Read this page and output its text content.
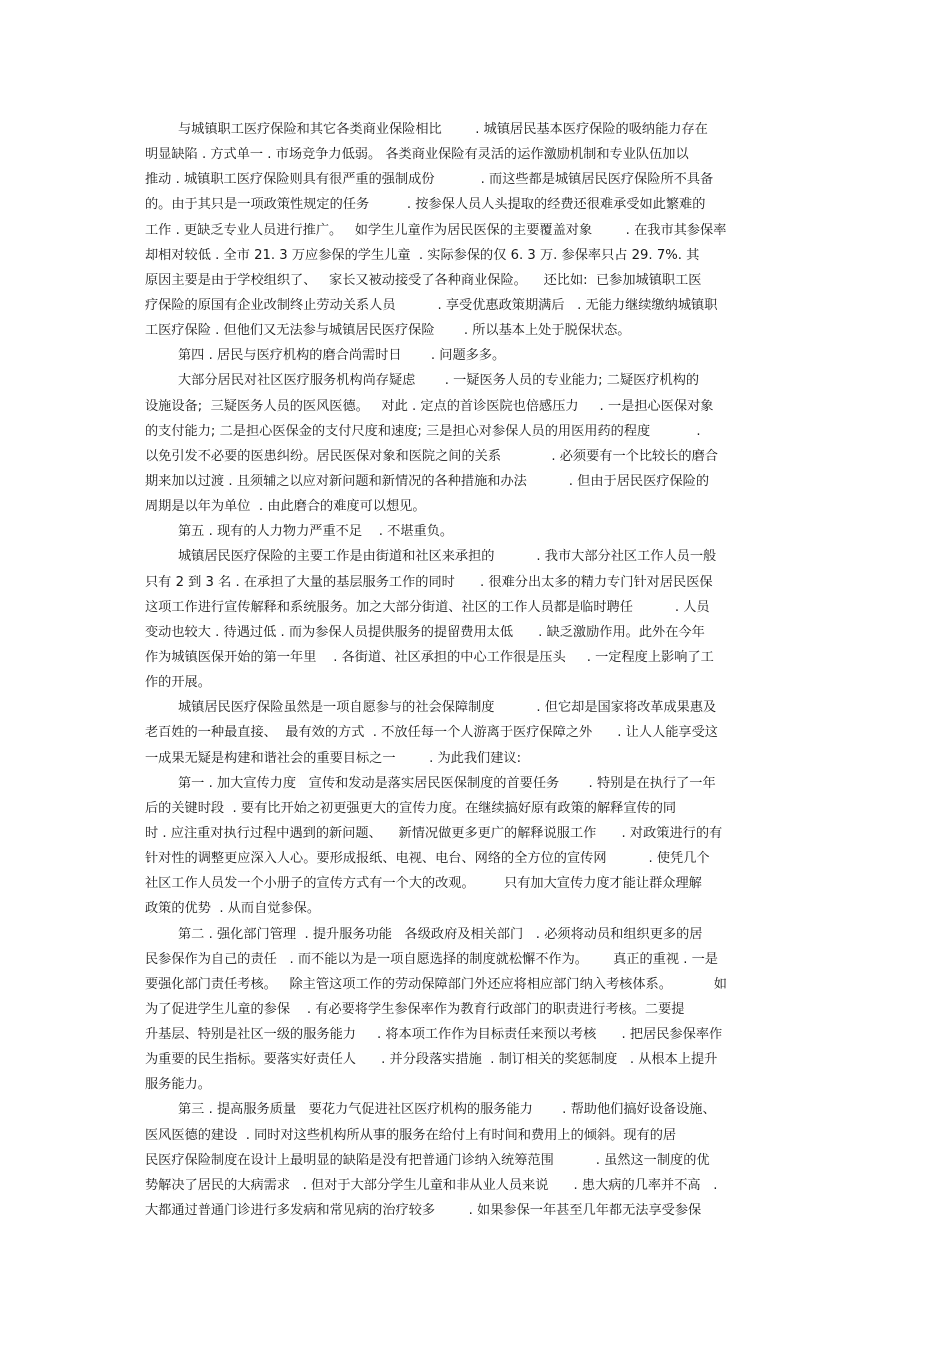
与城镇职工医疗保险和其它各类商业保险相比        . 城镇居民基本医疗保险的吸纳能力存在
明显缺陷 . 方式单一 . 市场竞争力低弱。 各类商业保险有灵活的运作激励机制和专业队伍加以
推动 . 城镇职工医疗保险则具有很严重的强制成份           . 而这些都是城镇居民医疗保险所不具备
的。由于其只是一项政策性规定的任务         . 按参保人员人头提取的经费还很难承受如此繁难的
工作 . 更缺乏专业人员进行推广。   如学生儿童作为居民医保的主要覆盖对象        . 在我市其参保率
却相对较低 . 全市 21. 3 万应参保的学生儿童  . 实际参保的仅 6. 3 万. 参保率只占 29. 7%. 其
原因主要是由于学校组织了、   家长又被动接受了各种商业保险。    还比如:  已参加城镇职工医
疗保险的原国有企业改制终止劳动关系人员          . 享受优惠政策期满后   . 无能力继续缴纳城镇职
工医疗保险 . 但他们又无法参与城镇居民医疗保险       . 所以基本上处于脱保状态。
第四 . 居民与医疗机构的磨合尚需时日       . 问题多多。
大部分居民对社区医疗服务机构尚存疑虑       . 一疑医务人员的专业能力; 二疑医疗机构的
设施设备;  三疑医务人员的医风医德。   对此 . 定点的首诊医院也倍感压力     . 一是担心医保对象
的支付能力; 二是担心医保金的支付尺度和速度; 三是担心对参保人员的用医用药的程度           .
以免引发不必要的医患纠纷。居民医保对象和医院之间的关系            . 必须要有一个比较长的磨合
期来加以过渡 . 且须辅之以应对新问题和新情况的各种措施和办法          . 但由于居民医疗保险的
周期是以年为单位  . 由此磨合的难度可以想见。
第五 . 现有的人力物力严重不足    . 不堪重负。
城镇居民医疗保险的主要工作是由街道和社区来承担的          . 我市大部分社区工作人员一般
只有 2 到 3 名 . 在承担了大量的基层服务工作的同时      . 很难分出太多的精力专门针对居民医保
这项工作进行宣传解释和系统服务。加之大部分街道、社区的工作人员都是临时聘任          . 人员
变动也较大 . 待遇过低 . 而为参保人员提供服务的提留费用太低      . 缺乏激励作用。此外在今年
作为城镇医保开始的第一年里    . 各街道、社区承担的中心工作很是压头     . 一定程度上影响了工
作的开展。
城镇居民医疗保险虽然是一项自愿参与的社会保障制度          . 但它却是国家将改革成果惠及
老百姓的一种最直接、  最有效的方式  . 不放任每一个人游离于医疗保障之外      . 让人人能享受这
一成果无疑是构建和谐社会的重要目标之一        . 为此我们建议:
第一 . 加大宣传力度   宣传和发动是落实居民医保制度的首要任务       . 特别是在执行了一年
后的关键时段  . 要有比开始之初更强更大的宣传力度。在继续搞好原有政策的解释宣传的同
时 . 应注重对执行过程中遇到的新问题、    新情况做更多更广的解释说服工作      . 对政策进行的有
针对性的调整更应深入人心。要形成报纸、电视、电台、网络的全方位的宣传网          . 使凭几个
社区工作人员发一个小册子的宣传方式有一个大的改观。       只有加大宣传力度才能让群众理解
政策的优势  . 从而自觉参保。
第二 . 强化部门管理  . 提升服务功能   各级政府及相关部门   . 必须将动员和组织更多的居
民参保作为自己的责任   . 而不能以为是一项自愿选择的制度就松懈不作为。      真正的重视 . 一是
要强化部门责任考核。   除主管这项工作的劳动保障部门外还应将相应部门纳入考核体系。          如
为了促进学生儿童的参保    . 有必要将学生参保率作为教育行政部门的职责进行考核。二要提
升基层、特别是社区一级的服务能力     . 将本项工作作为目标责任来预以考核      . 把居民参保率作
为重要的民生指标。要落实好责任人      . 并分段落实措施  . 制订相关的奖惩制度   . 从根本上提升
服务能力。
第三 . 提高服务质量   要花力气促进社区医疗机构的服务能力       . 帮助他们搞好设备设施、
医风医德的建设  . 同时对这些机构所从事的服务在给付上有时间和费用上的倾斜。现有的居
民医疗保险制度在设计上最明显的缺陷是没有把普通门诊纳入统筹范围          . 虽然这一制度的优
势解决了居民的大病需求   . 但对于大部分学生儿童和非从业人员来说      . 患大病的几率并不高   .
大都通过普通门诊进行多发病和常见病的治疗较多        . 如果参保一年甚至几年都无法享受参保
